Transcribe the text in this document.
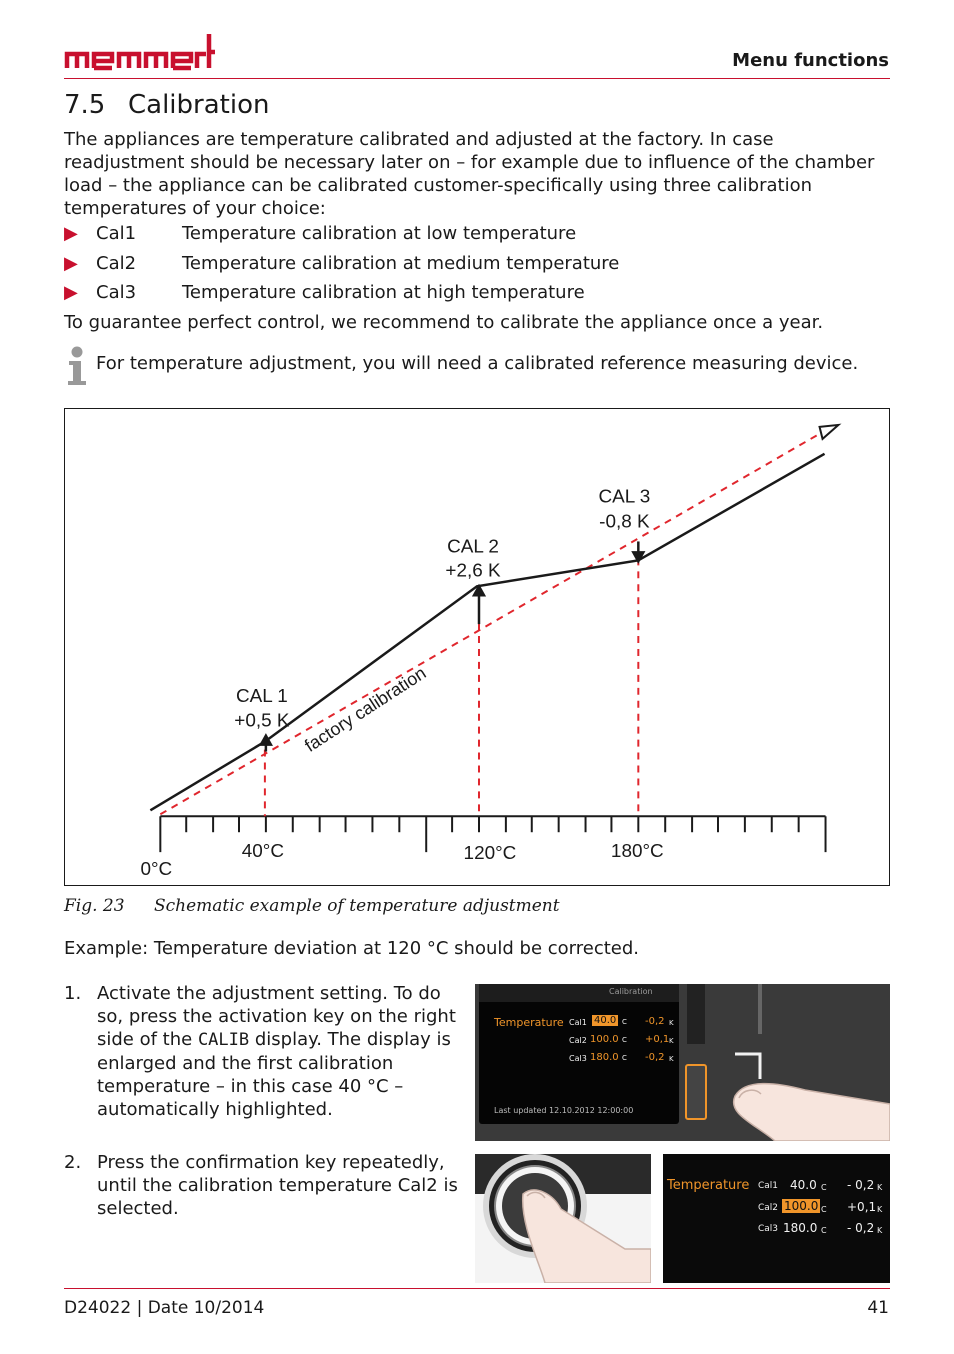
Menu functions
7.5 Calibration

The appliances are temperature calibrated and adjusted at the factory. In case readjustment should be necessary later on – for example due to influence of the chamber load – the appliance can be calibrated customer-specifically using three calibration temperatures of your choice:

▶ Cal1	Temperature calibration at low temperature
▶ Cal2	Temperature calibration at medium temperature
▶ Cal3	Temperature calibration at high temperature
To guarantee perfect control, we recommend to calibrate the appliance once a year.
For temperature adjustment, you will need a calibrated reference measuring device.
CAL 1
+0,5 K
CAL 2
+2,6 K
CAL 3
-0,8 K
0°C
40°C	120°C	180°C
factory calibration
Fig. 23 Schematic example of temperature adjustment
Example: Temperature deviation at 120 °C should be corrected.
1. Activate the adjustment setting. To do so, press the activation key on the right side of the CALIB display. The display is enlarged and the first calibration temperature – in this case 40 °C – automatically highlighted.
2. Press the confirmation key repeatedly, until the calibration temperature Cal2 is selected.
Calibration
Temperature Cal1 40.0 C -0,2 K
Cal2 100.0 C +0,1 K
Cal3 180.0 C -0,2 K
Last updated 12.10.2012 12:00:00
Temperature Cal1 40.0 C - 0,2 K
Cal2 100.0 C +0,1 K
Cal3 180.0 C - 0,2 K
D24022 | Date 10/2014	41
